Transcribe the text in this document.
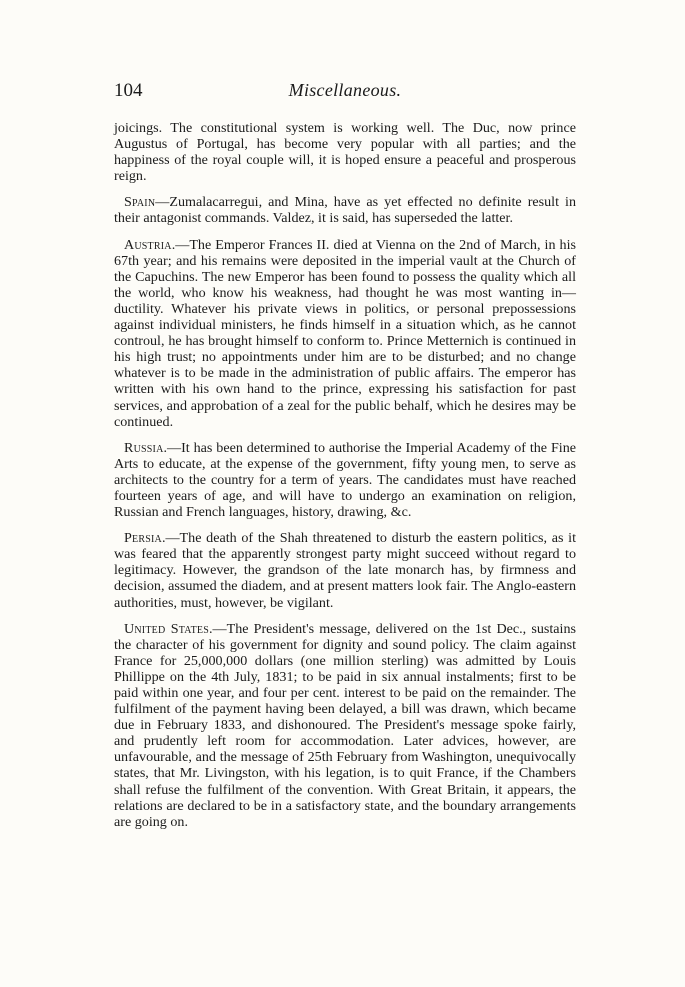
104	Miscellaneous.

joicings. The constitutional system is working well. The Duc, now prince Augustus of Portugal, has become very popular with all parties; and the happiness of the royal couple will, it is hoped ensure a peaceful and prosperous reign.

Spain—Zumalacarregui, and Mina, have as yet effected no definite result in their antagonist commands. Valdez, it is said, has superseded the latter.

Austria.—The Emperor Frances II. died at Vienna on the 2nd of March, in his 67th year; and his remains were deposited in the imperial vault at the Church of the Capuchins. The new Emperor has been found to possess the quality which all the world, who know his weakness, had thought he was most wanting in—ductility. Whatever his private views in politics, or personal prepossessions against individual ministers, he finds himself in a situation which, as he cannot controul, he has brought himself to conform to. Prince Metternich is continued in his high trust; no appointments under him are to be disturbed; and no change whatever is to be made in the administration of public affairs. The emperor has written with his own hand to the prince, expressing his satisfaction for past services, and approbation of a zeal for the public behalf, which he desires may be continued.

Russia.—It has been determined to authorise the Imperial Academy of the Fine Arts to educate, at the expense of the government, fifty young men, to serve as architects to the country for a term of years. The candidates must have reached fourteen years of age, and will have to undergo an examination on religion, Russian and French languages, history, drawing, &c.

Persia.—The death of the Shah threatened to disturb the eastern politics, as it was feared that the apparently strongest party might succeed without regard to legitimacy. However, the grandson of the late monarch has, by firmness and decision, assumed the diadem, and at present matters look fair. The Anglo-eastern authorities, must, however, be vigilant.

United States.—The President's message, delivered on the 1st Dec., sustains the character of his government for dignity and sound policy. The claim against France for 25,000,000 dollars (one million sterling) was admitted by Louis Phillippe on the 4th July, 1831; to be paid in six annual instalments; first to be paid within one year, and four per cent. interest to be paid on the remainder. The fulfilment of the payment having been delayed, a bill was drawn, which became due in February 1833, and dishonoured. The President's message spoke fairly, and prudently left room for accommodation. Later advices, however, are unfavourable, and the message of 25th February from Washington, unequivocally states, that Mr. Livingston, with his legation, is to quit France, if the Chambers shall refuse the fulfilment of the convention. With Great Britain, it appears, the relations are declared to be in a satisfactory state, and the boundary arrangements are going on.
